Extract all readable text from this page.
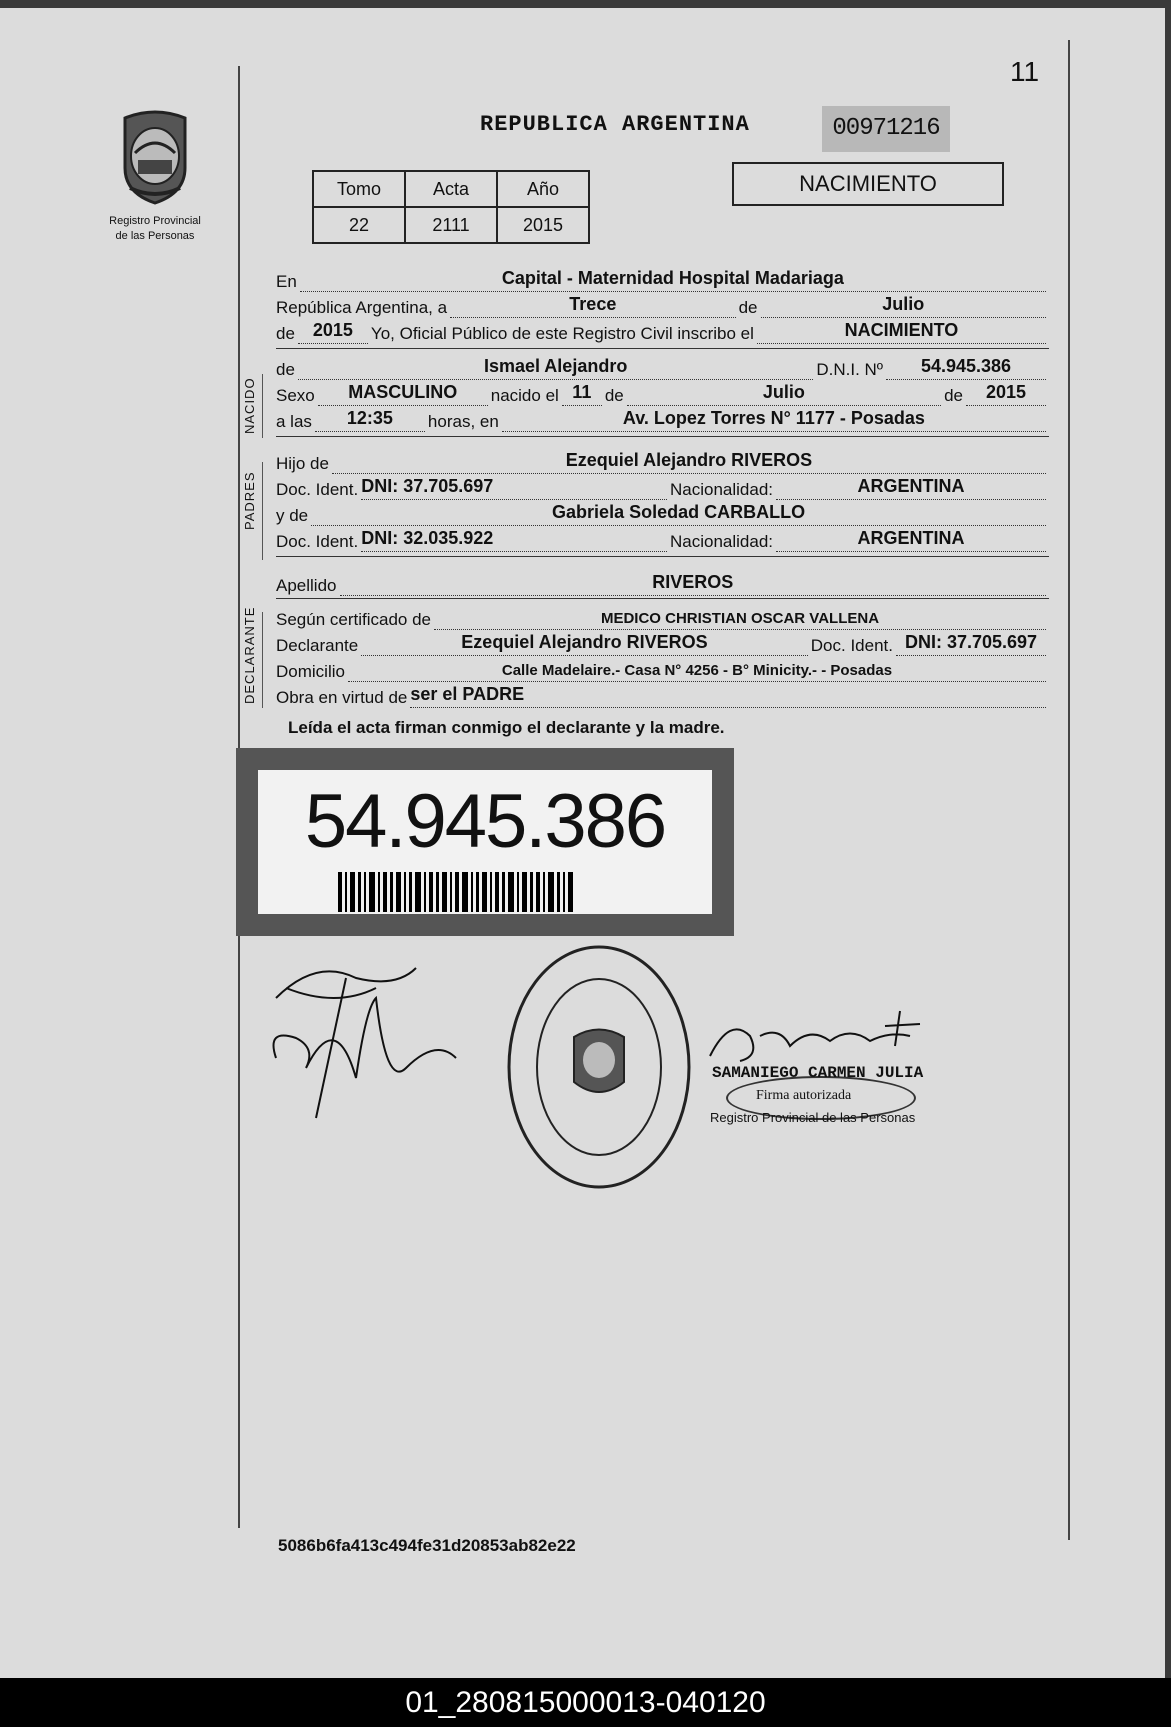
11
Registro Provincial
de las Personas
REPUBLICA ARGENTINA	00971216
Tomo	Acta	Año
22	2111	2015
NACIMIENTO
En	Capital - Maternidad Hospital Madariaga
República Argentina, a	Trece	de	Julio
de 2015	Yo, Oficial Público de este Registro Civil inscribo el	NACIMIENTO
NACIDO
de	Ismael Alejandro	D.N.I. Nº	54.945.386
Sexo	MASCULINO	nacido el 11 de	Julio	de	2015
a las	12:35	horas, en	Av. Lopez Torres N° 1177 - Posadas
PADRES
Hijo de	Ezequiel Alejandro RIVEROS
Doc. Ident. DNI: 37.705.697	Nacionalidad:	ARGENTINA
y de	Gabriela Soledad CARBALLO
Doc. Ident. DNI: 32.035.922	Nacionalidad:	ARGENTINA
Apellido	RIVEROS
DECLARANTE Según certificado de	MEDICO CHRISTIAN OSCAR VALLENA
Declarante	Ezequiel Alejandro RIVEROS	Doc. Ident. DNI: 37.705.697
Domicilio	Calle Madelaire.- Casa N° 4256 - B° Minicity.- - Posadas
Obra en virtud de ser el PADRE
Leída el acta firman conmigo el declarante y la madre.
54.945.386
SAMANIEGO CARMEN JULIA
Firma autorizada
Registro Provincial de las Personas
5086b6fa413c494fe31d20853ab82e22
01_280815000013-040120
